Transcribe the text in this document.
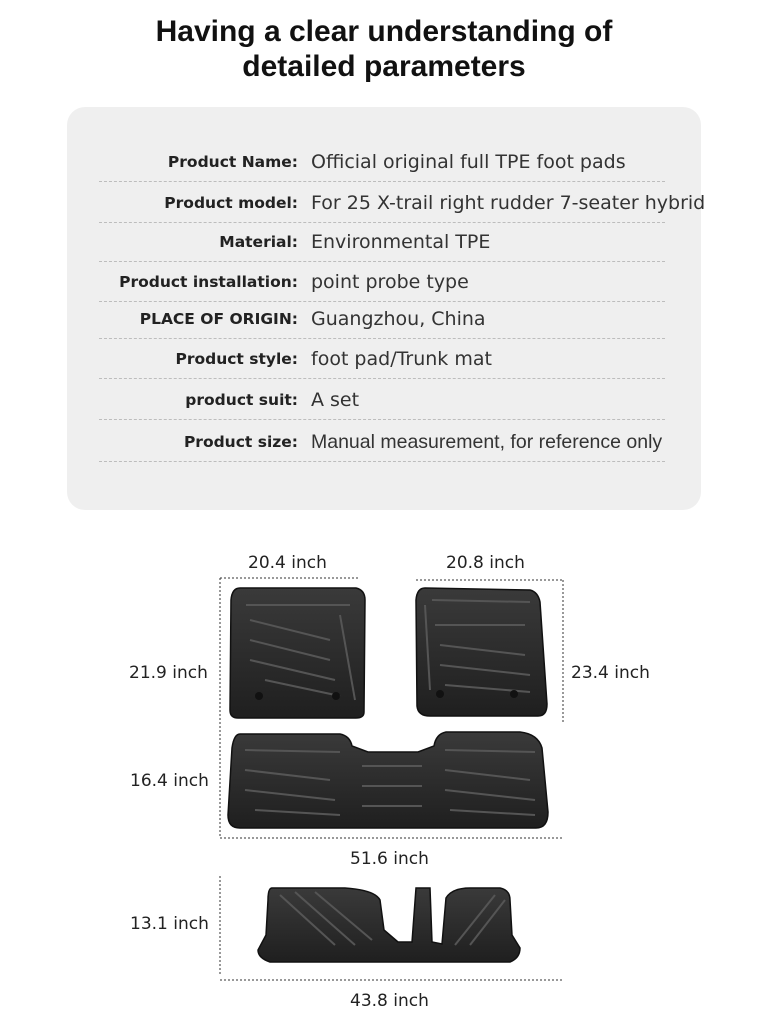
Having a clear understanding of
detailed parameters
Product Name: Official original full TPE foot pads
Product model: For 25 X-trail right rudder 7-seater hybrid
Material: Environmental TPE
Product installation: point probe type
PLACE OF ORIGIN: Guangzhou, China
Product style: foot pad/Trunk mat
product suit: A set
Product size: Manual measurement, for reference only
20.4 inch	20.8 inch
21.9 inch	23.4 inch
16.4 inch
51.6 inch
13.1 inch
43.8 inch
